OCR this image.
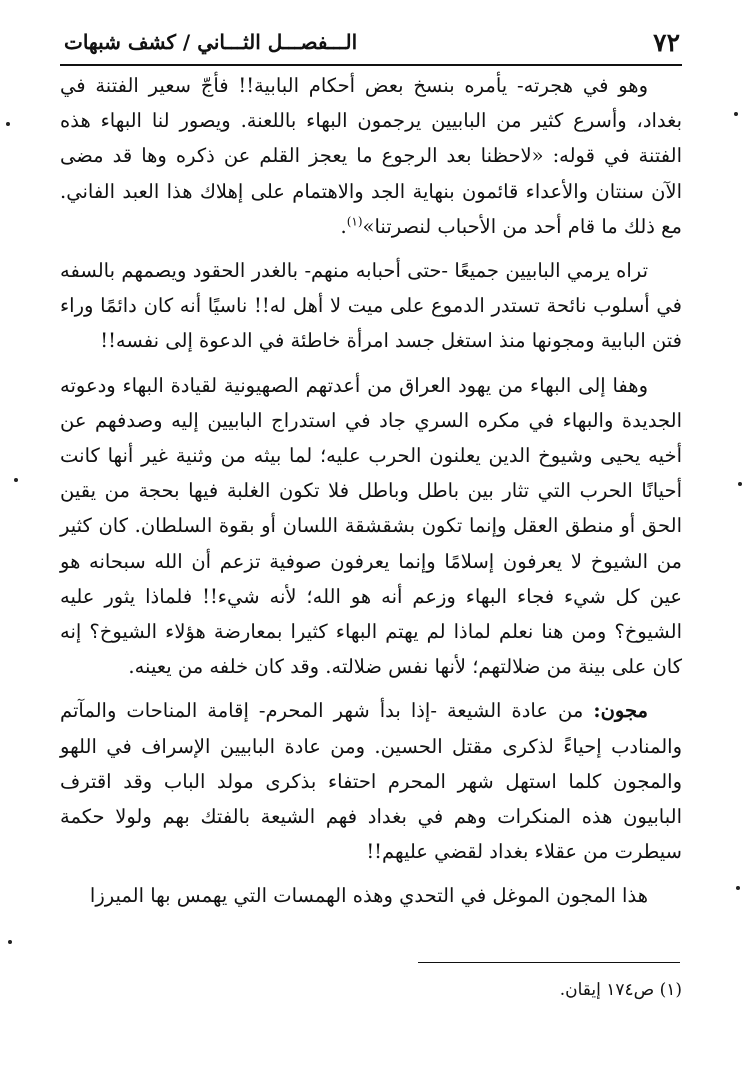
٧٢
الـــفصـــل الثـــاني / كشف شبهات

وهو في هجرته- يأمره بنسخ بعض أحكام البابية!! فأجّ سعير الفتنة في بغداد، وأسرع كثير من البابيين يرجمون البهاء باللعنة. ويصور لنا البهاء هذه الفتنة في قوله: «لاحظنا بعد الرجوع ما يعجز القلم عن ذكره وها قد مضى الآن سنتان والأعداء قائمون بنهاية الجد والاهتمام على إهلاك هذا العبد الفاني. مع ذلك ما قام أحد من الأحباب لنصرتنا»$^{(١)}$.

تراه يرمي البابيين جميعًا -حتى أحبابه منهم- بالغدر الحقود ويصمهم بالسفه في أسلوب نائحة تستدر الدموع على ميت لا أهل له!! ناسيًا أنه كان دائمًا وراء فتن البابية ومجونها منذ استغل جسد امرأة خاطئة في الدعوة إلى نفسه!!

وهفا إلى البهاء من يهود العراق من أعدتهم الصهيونية لقيادة البهاء ودعوته الجديدة والبهاء في مكره السري جاد في استدراج البابيين إليه وصدفهم عن أخيه يحيى وشيوخ الدين يعلنون الحرب عليه؛ لما بيثه من وثنية غير أنها كانت أحيانًا الحرب التي تثار بين باطل وباطل فلا تكون الغلبة فيها بحجة من يقين الحق أو منطق العقل وإنما تكون بشقشقة اللسان أو بقوة السلطان. كان كثير من الشيوخ لا يعرفون إسلامًا وإنما يعرفون صوفية تزعم أن الله سبحانه هو عين كل شيء فجاء البهاء وزعم أنه هو الله؛ لأنه شيء!! فلماذا يثور عليه الشيوخ؟ ومن هنا نعلم لماذا لم يهتم البهاء كثيرا بمعارضة هؤلاء الشيوخ؟ إنه كان على بينة من ضلالتهم؛ لأنها نفس ضلالته. وقد كان خلفه من يعينه.

مجون: من عادة الشيعة -إذا بدأ شهر المحرم- إقامة المناحات والمآتم والمنادب إحياءً لذكرى مقتل الحسين. ومن عادة البابيين الإسراف في اللهو والمجون كلما استهل شهر المحرم احتفاء بذكرى مولد الباب وقد اقترف البابيون هذه المنكرات وهم في بغداد فهم الشيعة بالفتك بهم ولولا حكمة سيطرت من عقلاء بغداد لقضي عليهم!!

هذا المجون الموغل في التحدي وهذه الهمسات التي يهمس بها الميرزا

(١) ص١٧٤ إيقان.
